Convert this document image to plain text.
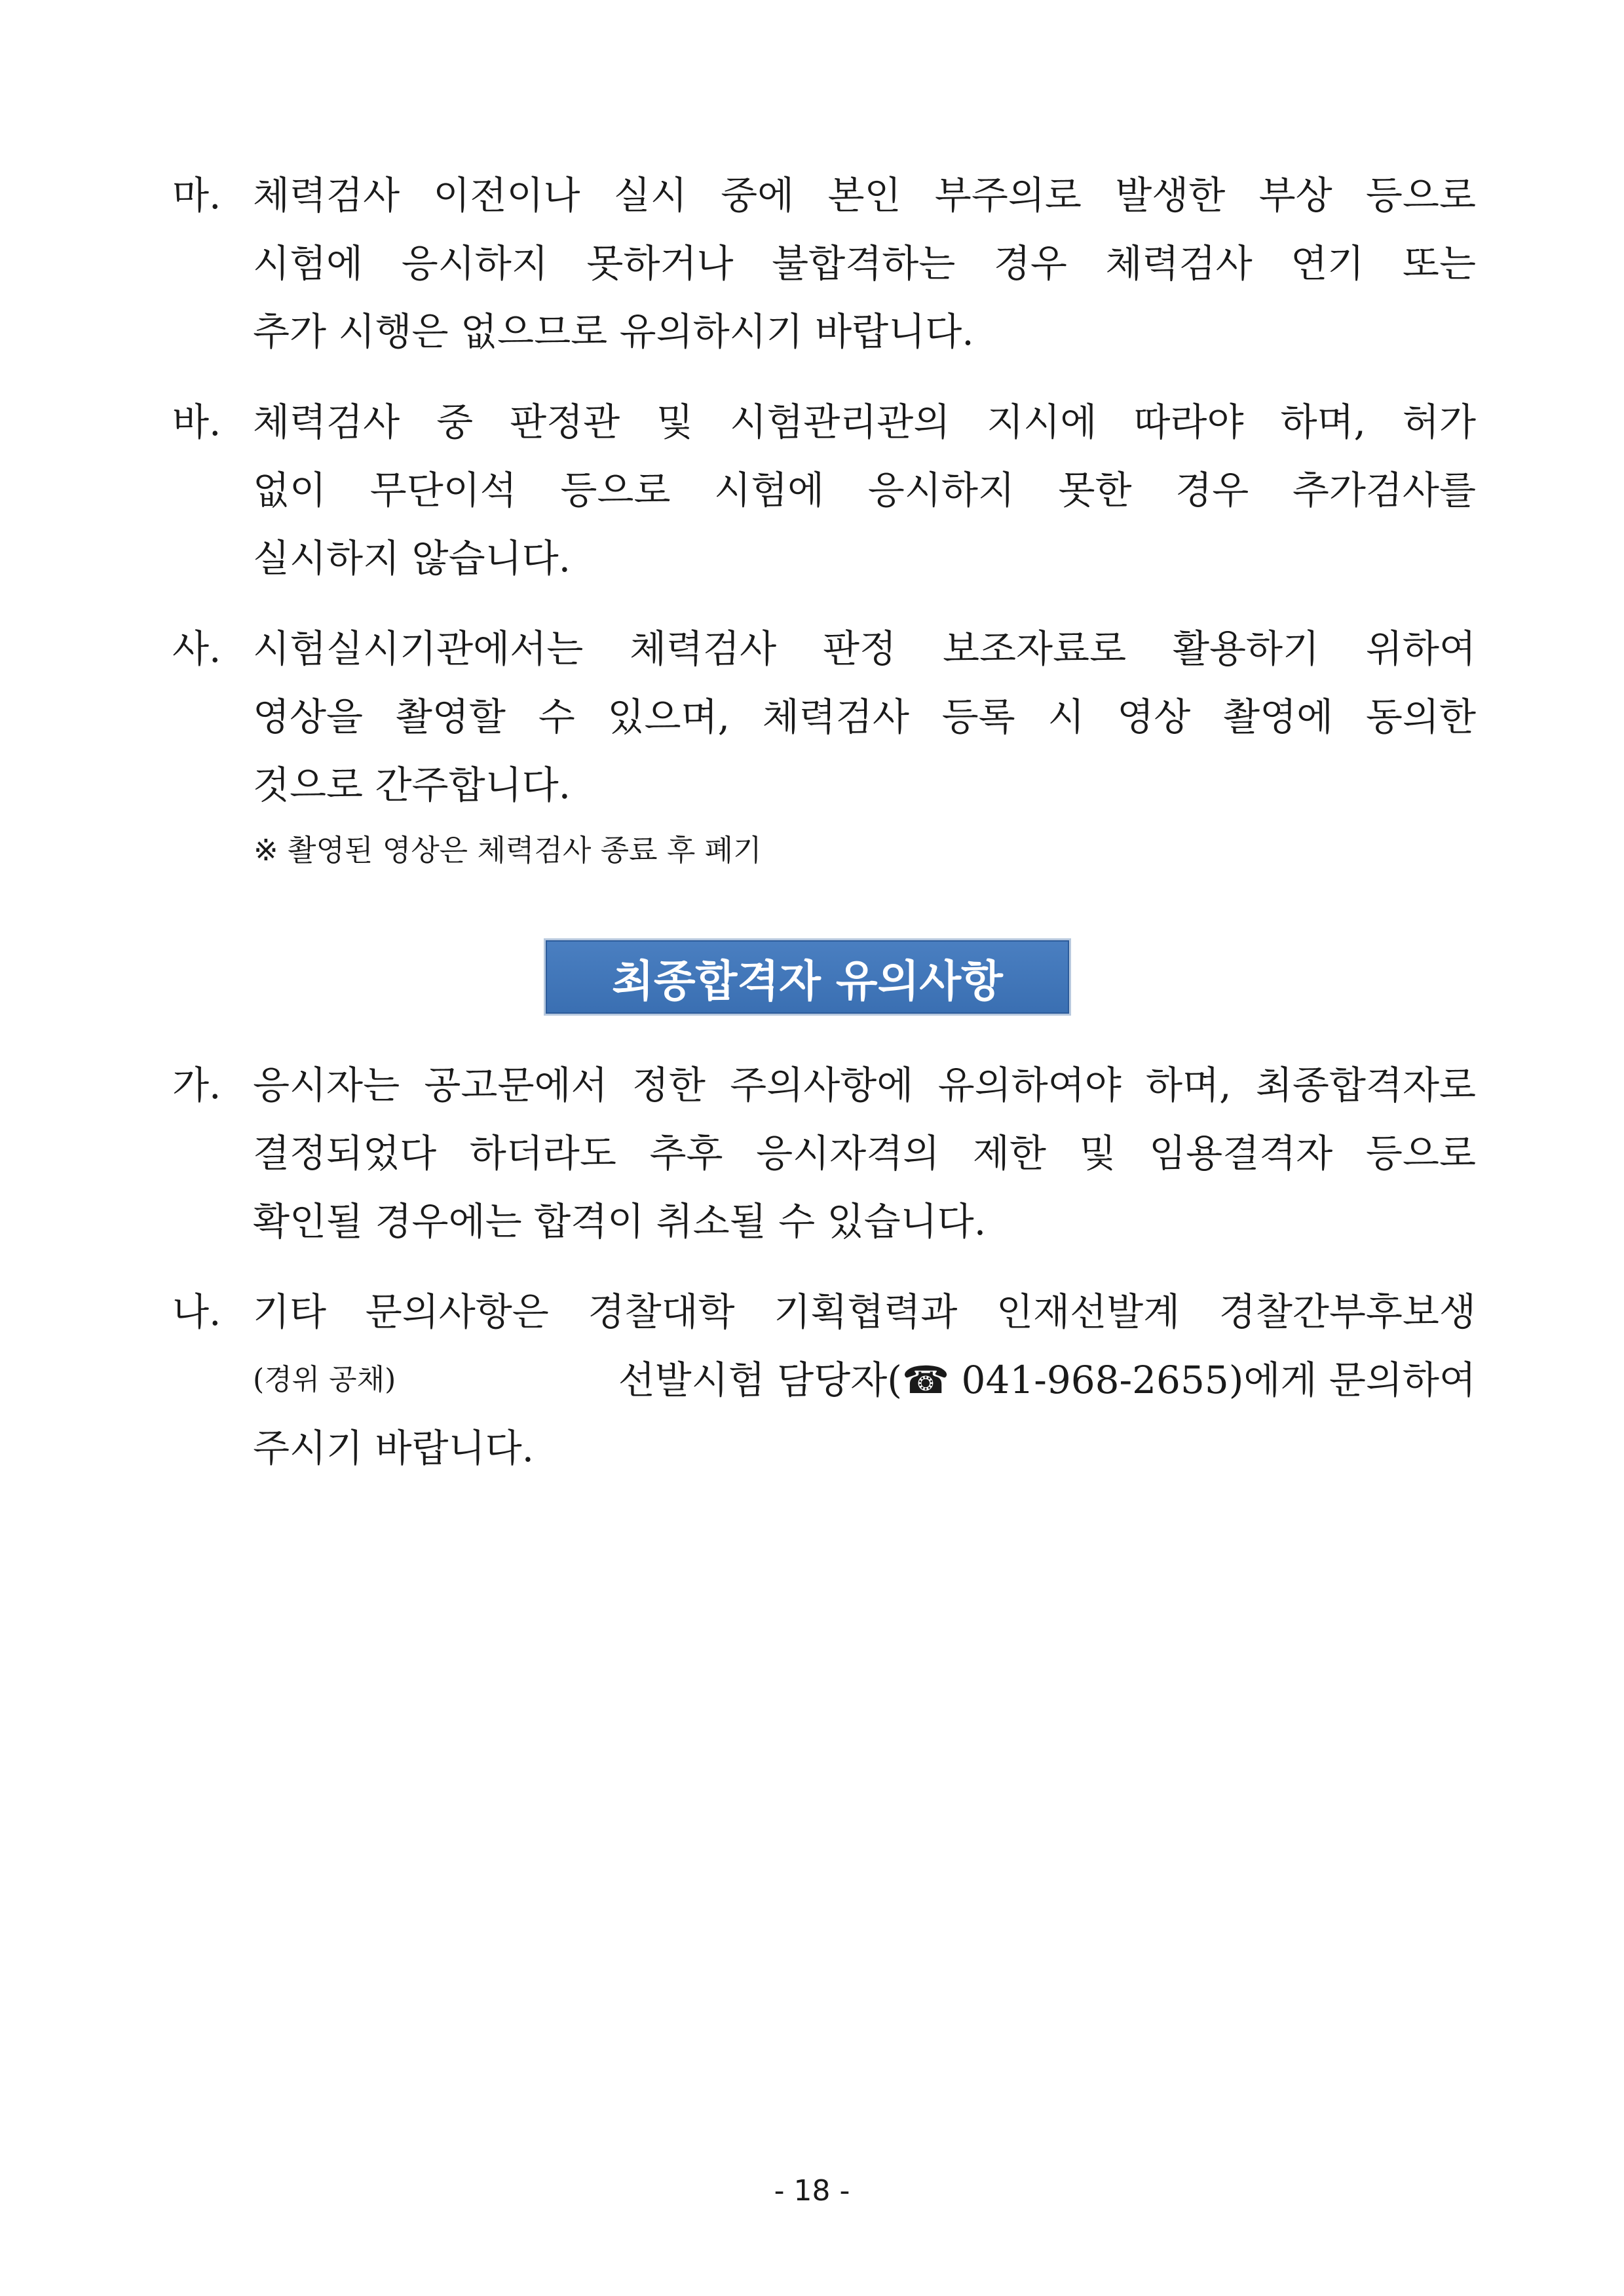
마. 체력검사 이전이나 실시 중에 본인 부주의로 발생한 부상 등으로
시험에 응시하지 못하거나 불합격하는 경우 체력검사 연기 또는
추가 시행은 없으므로 유의하시기 바랍니다.
바. 체력검사 중 판정관 및 시험관리관의 지시에 따라야 하며, 허가
없이 무단이석 등으로 시험에 응시하지 못한 경우 추가검사를
실시하지 않습니다.
사. 시험실시기관에서는 체력검사 판정 보조자료로 활용하기 위하여
영상을 촬영할 수 있으며, 체력검사 등록 시 영상 촬영에 동의한
것으로 간주합니다.
※ 촬영된 영상은 체력검사 종료 후 폐기
최종합격자 유의사항
가. 응시자는 공고문에서 정한 주의사항에 유의하여야 하며, 최종합격자로
결정되었다 하더라도 추후 응시자격의 제한 및 임용결격자 등으로
확인될 경우에는 합격이 취소될 수 있습니다.
나. 기타 문의사항은 경찰대학 기획협력과 인재선발계 경찰간부후보생
(경위 공채)	선발시험 담당자(☎ 041-968-2655)에게 문의하여
주시기 바랍니다.
- 18 -
